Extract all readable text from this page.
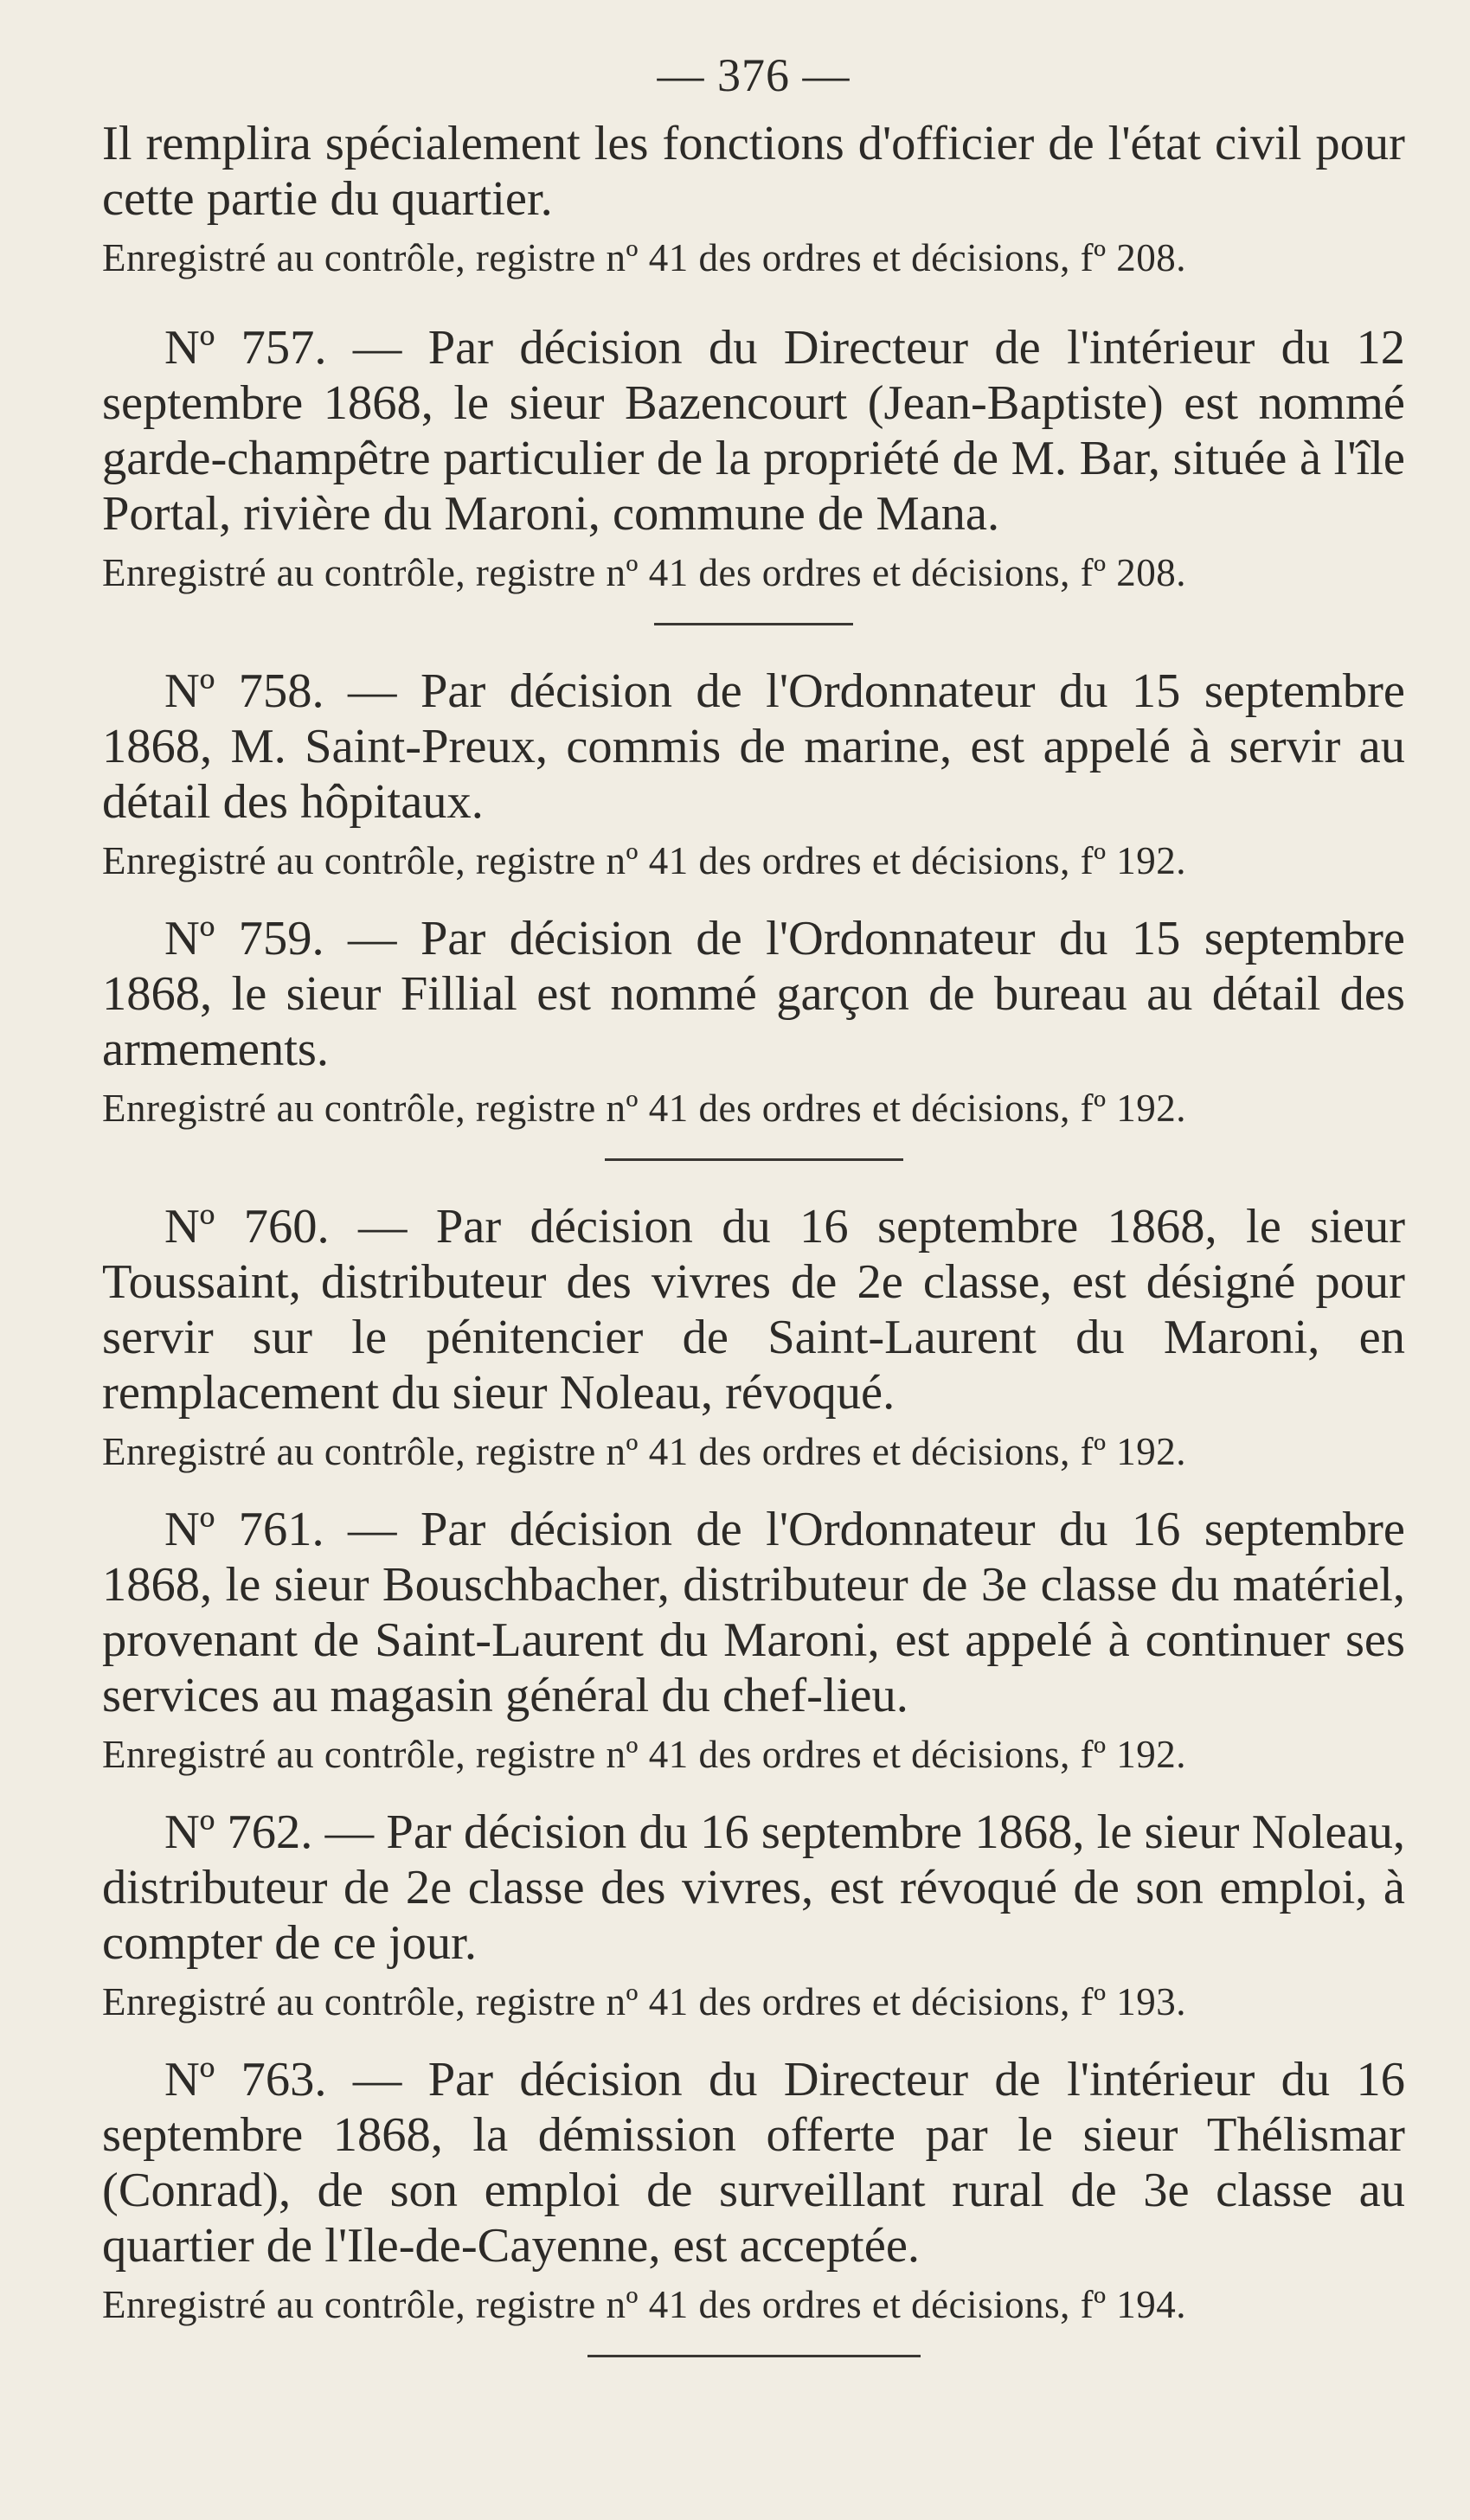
— 376 —

Il remplira spécialement les fonctions d'officier de l'état civil pour cette partie du quartier.

Enregistré au contrôle, registre nº 41 des ordres et décisions, fº 208.

Nº 757. — Par décision du Directeur de l'intérieur du 12 septembre 1868, le sieur Bazencourt (Jean-Baptiste) est nommé garde-champêtre particulier de la propriété de M. Bar, située à l'île Portal, rivière du Maroni, commune de Mana.

Enregistré au contrôle, registre nº 41 des ordres et décisions, fº 208.

Nº 758. — Par décision de l'Ordonnateur du 15 septembre 1868, M. Saint-Preux, commis de marine, est appelé à servir au détail des hôpitaux.

Enregistré au contrôle, registre nº 41 des ordres et décisions, fº 192.

Nº 759. — Par décision de l'Ordonnateur du 15 septembre 1868, le sieur Fillial est nommé garçon de bureau au détail des armements.

Enregistré au contrôle, registre nº 41 des ordres et décisions, fº 192.

Nº 760. — Par décision du 16 septembre 1868, le sieur Toussaint, distributeur des vivres de 2e classe, est désigné pour servir sur le pénitencier de Saint-Laurent du Maroni, en remplacement du sieur Noleau, révoqué.

Enregistré au contrôle, registre nº 41 des ordres et décisions, fº 192.

Nº 761. — Par décision de l'Ordonnateur du 16 septembre 1868, le sieur Bouschbacher, distributeur de 3e classe du matériel, provenant de Saint-Laurent du Maroni, est appelé à continuer ses services au magasin général du chef-lieu.

Enregistré au contrôle, registre nº 41 des ordres et décisions, fº 192.

Nº 762. — Par décision du 16 septembre 1868, le sieur Noleau, distributeur de 2e classe des vivres, est révoqué de son emploi, à compter de ce jour.

Enregistré au contrôle, registre nº 41 des ordres et décisions, fº 193.

Nº 763. — Par décision du Directeur de l'intérieur du 16 septembre 1868, la démission offerte par le sieur Thélismar (Conrad), de son emploi de surveillant rural de 3e classe au quartier de l'Ile-de-Cayenne, est acceptée.

Enregistré au contrôle, registre nº 41 des ordres et décisions, fº 194.
